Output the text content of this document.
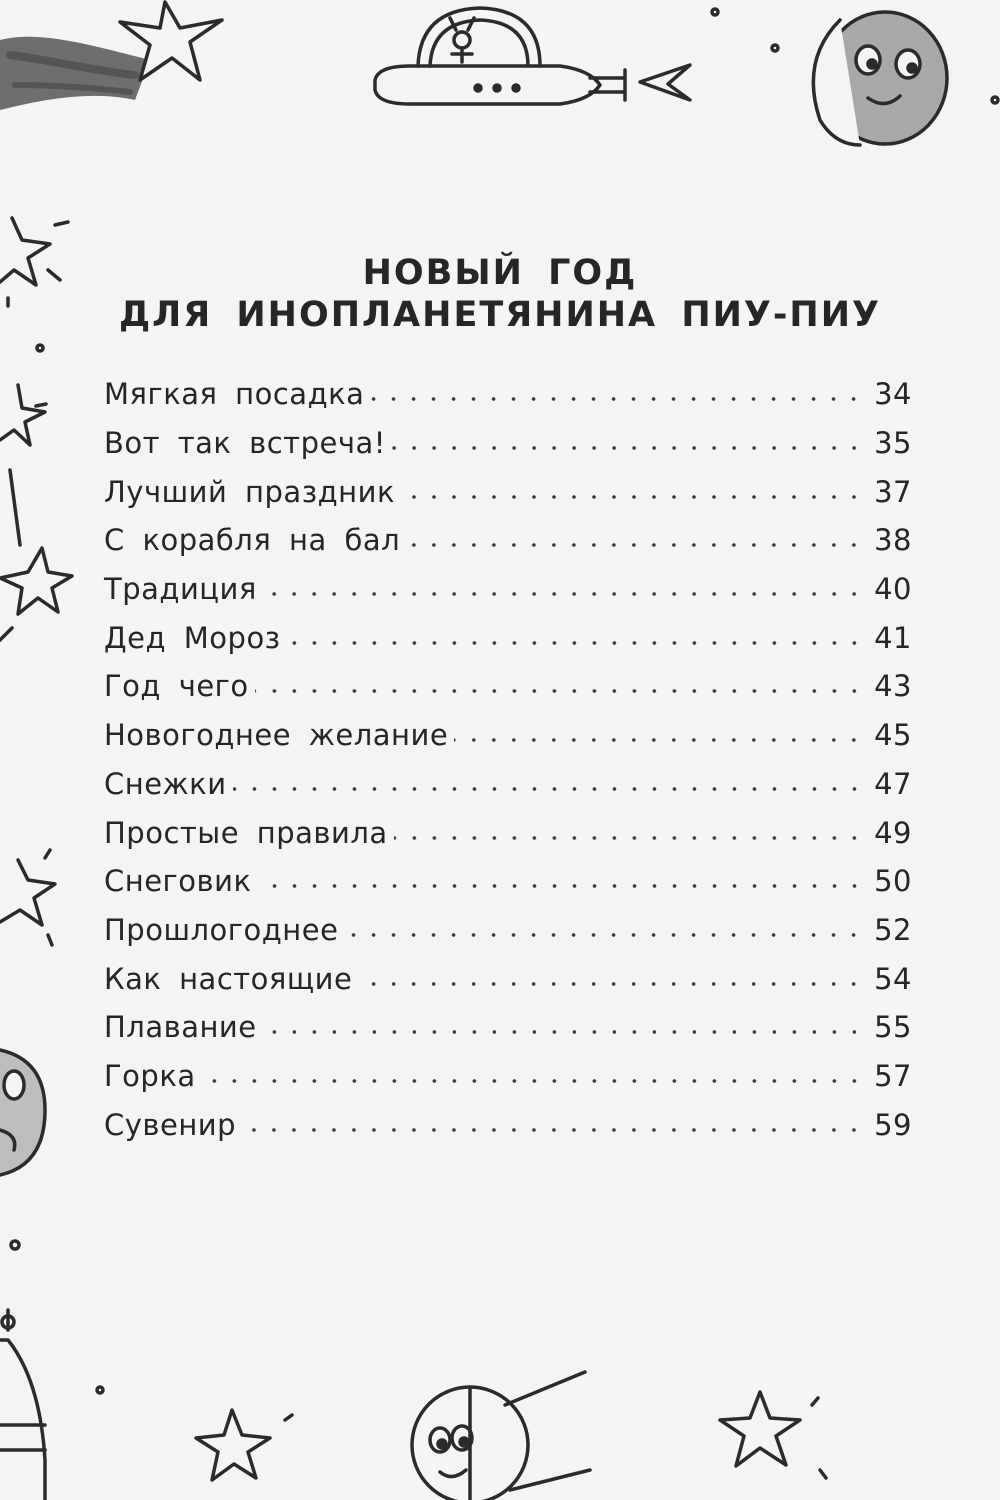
НОВЫЙ ГОД
ДЛЯ ИНОПЛАНЕТЯНИНА ПИУ-ПИУ
Мягкая посадка	34
Вот так встреча!	35
Лучший праздник	37
С корабля на бал	38
Традиция	40
Дед Мороз	41
Год чего	43
Новогоднее желание	45
Снежки	47
Простые правила	49
Снеговик	50
Прошлогоднее	52
Как настоящие	54
Плавание	55
Горка	57
Сувенир	59
